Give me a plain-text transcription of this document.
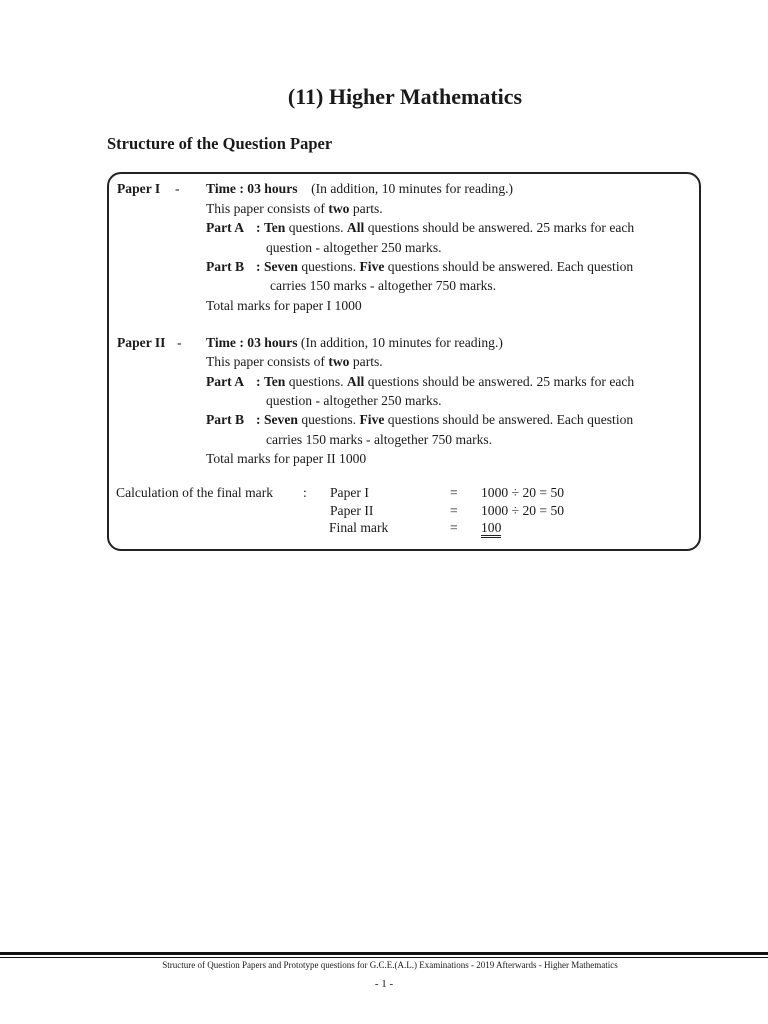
(11) Higher Mathematics
Structure of the Question Paper
Paper I - Time : 03 hours (In addition, 10 minutes for reading.)
This paper consists of two parts.
Part A : Ten questions. All questions should be answered. 25 marks for each
question - altogether 250 marks.
Part B : Seven questions. Five questions should be answered. Each question
carries 150 marks - altogether 750 marks.
Total marks for paper I 1000
Paper II - Time : 03 hours (In addition, 10 minutes for reading.)
This paper consists of two parts.
Part A : Ten questions. All questions should be answered. 25 marks for each
question - altogether 250 marks.
Part B : Seven questions. Five questions should be answered. Each question
carries 150 marks - altogether 750 marks.
Total marks for paper II 1000
Calculation of the final mark : Paper I	= 1000 ÷ 20 = 50
Paper II	= 1000 ÷ 20 = 50
Final mark	= 100
Structure of Question Papers and Prototype questions for G.C.E.(A.L.) Examinations - 2019 Afterwards - Higher Mathematics
- 1 -
